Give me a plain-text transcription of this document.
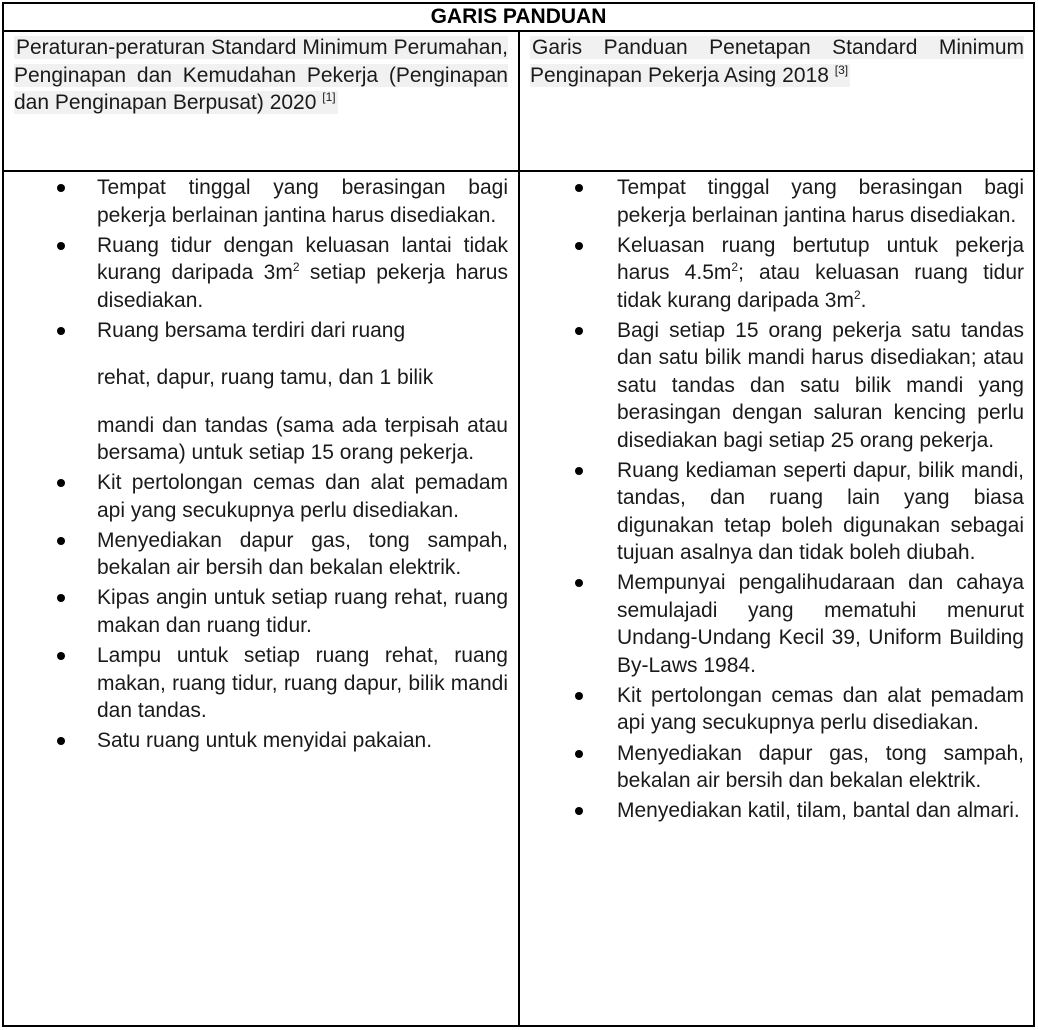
GARIS PANDUAN
Peraturan-peraturan Standard Minimum Perumahan, Penginapan dan Kemudahan Pekerja (Penginapan dan Penginapan Berpusat) 2020 [1]
Garis Panduan Penetapan Standard Minimum Penginapan Pekerja Asing 2018 [3]
Tempat tinggal yang berasingan bagi pekerja berlainan jantina harus disediakan.
Ruang tidur dengan keluasan lantai tidak kurang daripada $3m^2$ setiap pekerja harus disediakan.
Ruang bersama terdiri dari ruang
rehat, dapur, ruang tamu, dan 1 bilik
mandi dan tandas (sama ada terpisah atau bersama) untuk setiap 15 orang pekerja.
Kit pertolongan cemas dan alat pemadam api yang secukupnya perlu disediakan.
Menyediakan dapur gas, tong sampah, bekalan air bersih dan bekalan elektrik.
Kipas angin untuk setiap ruang rehat, ruang makan dan ruang tidur.
Lampu untuk setiap ruang rehat, ruang makan, ruang tidur, ruang dapur, bilik mandi dan tandas.
Satu ruang untuk menyidai pakaian.
Tempat tinggal yang berasingan bagi pekerja berlainan jantina harus disediakan.
Keluasan ruang bertutup untuk pekerja harus $4.5m^2$; atau keluasan ruang tidur tidak kurang daripada $3m^2$.
Bagi setiap 15 orang pekerja satu tandas dan satu bilik mandi harus disediakan; atau satu tandas dan satu bilik mandi yang berasingan dengan saluran kencing perlu disediakan bagi setiap 25 orang pekerja.
Ruang kediaman seperti dapur, bilik mandi, tandas, dan ruang lain yang biasa digunakan tetap boleh digunakan sebagai tujuan asalnya dan tidak boleh diubah.
Mempunyai pengalihudaraan dan cahaya semulajadi yang mematuhi menurut Undang-Undang Kecil 39, Uniform Building By-Laws 1984.
Kit pertolongan cemas dan alat pemadam api yang secukupnya perlu disediakan.
Menyediakan dapur gas, tong sampah, bekalan air bersih dan bekalan elektrik.
Menyediakan katil, tilam, bantal dan almari.
